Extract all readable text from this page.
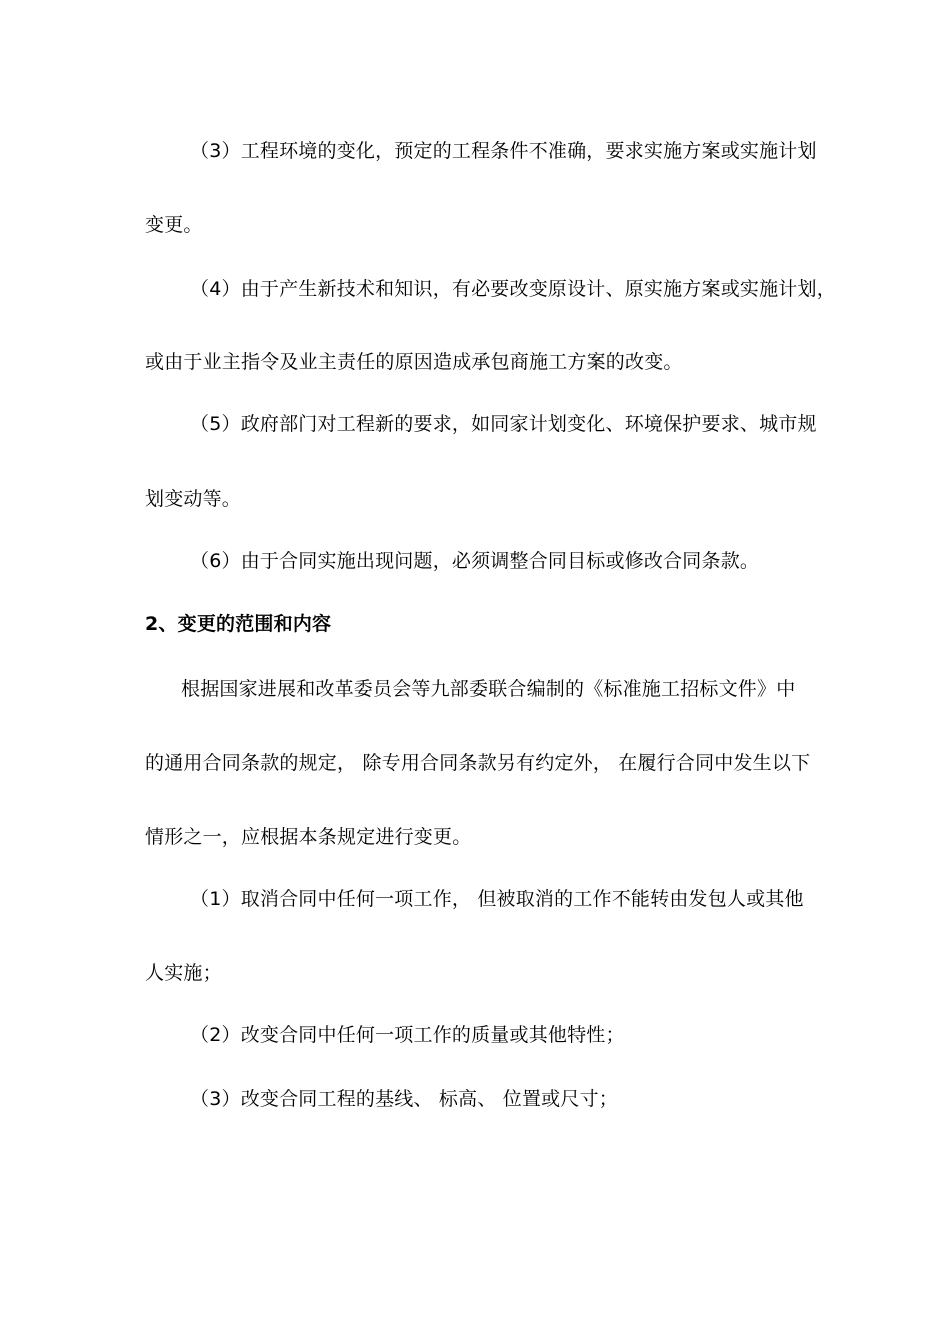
（3）工程环境的变化，预定的工程条件不准确，要求实施方案或实施计划
变更。
（4）由于产生新技术和知识，有必要改变原设计、原实施方案或实施计划，
或由于业主指令及业主责任的原因造成承包商施工方案的改变。
（5）政府部门对工程新的要求，如同家计划变化、环境保护要求、城市规
划变动等。
（6）由于合同实施出现问题，必须调整合同目标或修改合同条款。
2、变更的范围和内容
根据国家进展和改革委员会等九部委联合编制的《标准施工招标文件》中
的通用合同条款的规定， 除专用合同条款另有约定外， 在履行合同中发生以下
情形之一，应根据本条规定进行变更。
（1）取消合同中任何一项工作， 但被取消的工作不能转由发包人或其他
人实施；
（2）改变合同中任何一项工作的质量或其他特性；
（3）改变合同工程的基线、 标高、 位置或尺寸；
